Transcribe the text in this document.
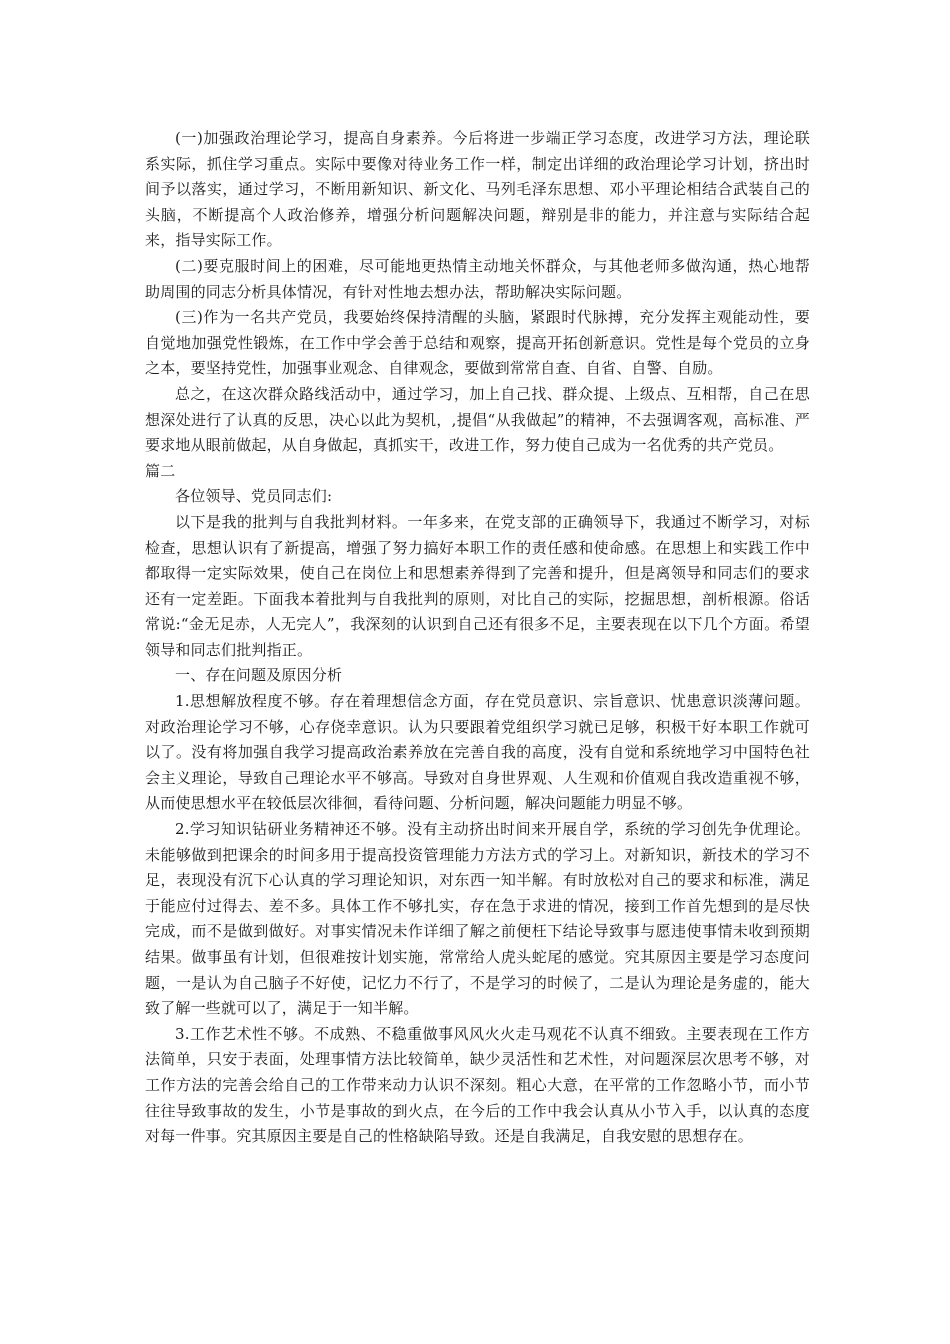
(一)加强政治理论学习，提高自身素养。今后将进一步端正学习态度，改进学习方法，理论联系实际，抓住学习重点。实际中要像对待业务工作一样，制定出详细的政治理论学习计划，挤出时间予以落实，通过学习，不断用新知识、新文化、马列毛泽东思想、邓小平理论相结合武装自己的头脑，不断提高个人政治修养，增强分析问题解决问题，辩别是非的能力，并注意与实际结合起来，指导实际工作。

(二)要克服时间上的困难，尽可能地更热情主动地关怀群众，与其他老师多做沟通，热心地帮助周围的同志分析具体情况，有针对性地去想办法，帮助解决实际问题。

(三)作为一名共产党员，我要始终保持清醒的头脑，紧跟时代脉搏，充分发挥主观能动性，要自觉地加强党性锻炼，在工作中学会善于总结和观察，提高开拓创新意识。党性是每个党员的立身之本，要坚持党性，加强事业观念、自律观念，要做到常常自查、自省、自警、自励。

总之，在这次群众路线活动中，通过学习，加上自己找、群众提、上级点、互相帮，自己在思想深处进行了认真的反思，决心以此为契机，,提倡“从我做起”的精神，不去强调客观，高标准、严要求地从眼前做起，从自身做起，真抓实干，改进工作，努力使自己成为一名优秀的共产党员。

篇二

各位领导、党员同志们:

以下是我的批判与自我批判材料。一年多来，在党支部的正确领导下，我通过不断学习，对标检查，思想认识有了新提高，增强了努力搞好本职工作的责任感和使命感。在思想上和实践工作中都取得一定实际效果，使自己在岗位上和思想素养得到了完善和提升，但是离领导和同志们的要求还有一定差距。下面我本着批判与自我批判的原则，对比自己的实际，挖掘思想，剖析根源。俗话常说:“金无足赤，人无完人”，我深刻的认识到自己还有很多不足，主要表现在以下几个方面。希望领导和同志们批判指正。

一、存在问题及原因分析

1.思想解放程度不够。存在着理想信念方面，存在党员意识、宗旨意识、忧患意识淡薄问题。对政治理论学习不够，心存侥幸意识。认为只要跟着党组织学习就已足够，积极干好本职工作就可以了。没有将加强自我学习提高政治素养放在完善自我的高度，没有自觉和系统地学习中国特色社会主义理论，导致自己理论水平不够高。导致对自身世界观、人生观和价值观自我改造重视不够，从而使思想水平在较低层次徘徊，看待问题、分析问题，解决问题能力明显不够。

2.学习知识钻研业务精神还不够。没有主动挤出时间来开展自学，系统的学习创先争优理论。未能够做到把课余的时间多用于提高投资管理能力方法方式的学习上。对新知识，新技术的学习不足，表现没有沉下心认真的学习理论知识，对东西一知半解。有时放松对自己的要求和标准，满足于能应付过得去、差不多。具体工作不够扎实，存在急于求进的情况，接到工作首先想到的是尽快完成，而不是做到做好。对事实情况未作详细了解之前便枉下结论导致事与愿违使事情未收到预期结果。做事虽有计划，但很难按计划实施，常常给人虎头蛇尾的感觉。究其原因主要是学习态度问题，一是认为自己脑子不好使，记忆力不行了，不是学习的时候了，二是认为理论是务虚的，能大致了解一些就可以了，满足于一知半解。

3.工作艺术性不够。不成熟、不稳重做事风风火火走马观花不认真不细致。主要表现在工作方法简单，只安于表面，处理事情方法比较简单，缺少灵活性和艺术性，对问题深层次思考不够，对工作方法的完善会给自己的工作带来动力认识不深刻。粗心大意，在平常的工作忽略小节，而小节往往导致事故的发生，小节是事故的到火点，在今后的工作中我会认真从小节入手，以认真的态度对每一件事。究其原因主要是自己的性格缺陷导致。还是自我满足，自我安慰的思想存在。
